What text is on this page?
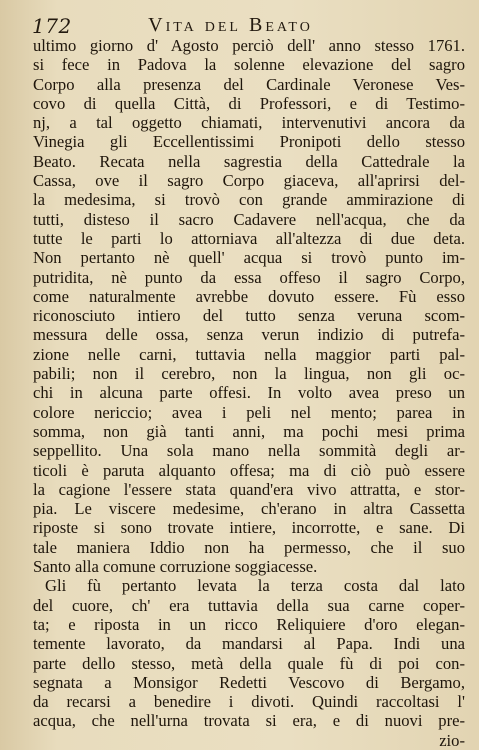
172	Vita del Beato
ultimo giorno d' Agosto perciò dell' anno stesso 1761.
si fece in Padova la solenne elevazione del sagro
Corpo alla presenza del Cardinale Veronese Ves-
covo di quella Città, di Professori, e di Testimo-
nj, a tal oggetto chiamati, intervenutivi ancora da
Vinegia gli Eccellentissimi Pronipoti dello stesso
Beato. Recata nella sagrestia della Cattedrale la
Cassa, ove il sagro Corpo giaceva, all'aprirsi del-
la medesima, si trovò con grande ammirazione di
tutti, disteso il sacro Cadavere nell'acqua, che da
tutte le parti lo attorniava all'altezza di due deta.
Non pertanto nè quell' acqua si trovò punto im-
putridita, nè punto da essa offeso il sagro Corpo,
come naturalmente avrebbe dovuto essere. Fù esso
riconosciuto intiero del tutto senza veruna scom-
messura delle ossa, senza verun indizio di putrefa-
zione nelle carni, tuttavia nella maggior parti pal-
pabili; non il cerebro, non la lingua, non gli oc-
chi in alcuna parte offesi. In volto avea preso un
colore nericcio; avea i peli nel mento; parea in
somma, non già tanti anni, ma pochi mesi prima
seppellito. Una sola mano nella sommità degli ar-
ticoli è paruta alquanto offesa; ma di ciò può essere
la cagione l'essere stata quand'era vivo attratta, e stor-
pia. Le viscere medesime, ch'erano in altra Cassetta
riposte si sono trovate intiere, incorrotte, e sane. Di
tale maniera Iddio non ha permesso, che il suo
Santo alla comune corruzione soggiacesse.
Gli fù pertanto levata la terza costa dal lato
del cuore, ch' era tuttavia della sua carne coper-
ta; e riposta in un ricco Reliquiere d'oro elegan-
temente lavorato, da mandarsi al Papa. Indi una
parte dello stesso, metà della quale fù di poi con-
segnata a Monsigor Redetti Vescovo di Bergamo,
da recarsi a benedire i divoti. Quindi raccoltasi l'
acqua, che nell'urna trovata si era, e di nuovi pre-
zio-
